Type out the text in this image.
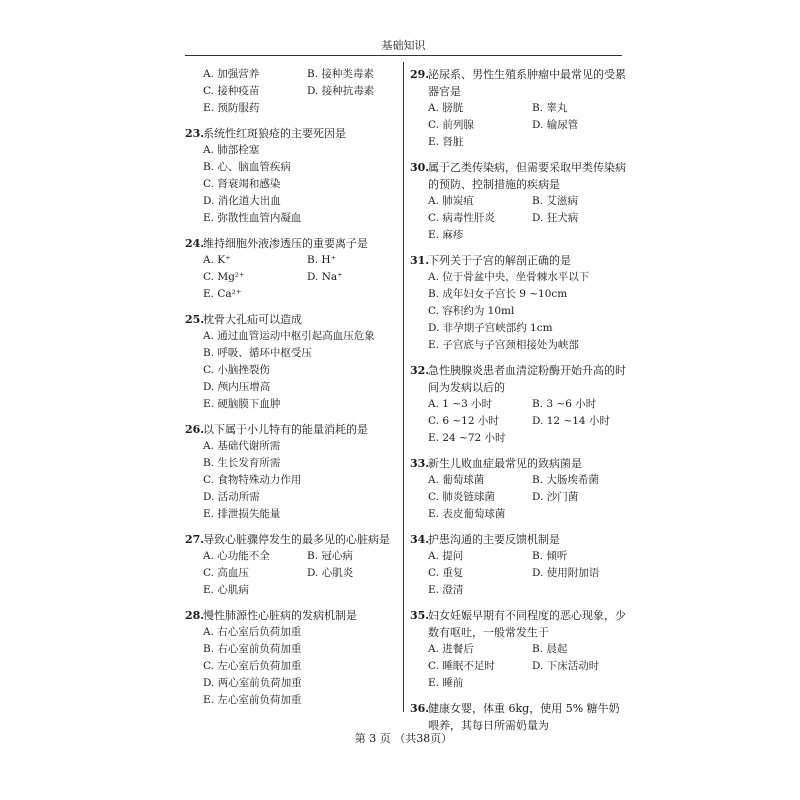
基础知识
A. 加强营养	B. 接种类毒素
C. 接种疫苗	D. 接种抗毒素
E. 预防服药
23.
系统性红斑狼疮的主要死因是
A. 肺部栓塞
B. 心、脑血管疾病
C. 肾衰竭和感染
D. 消化道大出血
E. 弥散性血管内凝血
24.
维持细胞外液渗透压的重要离子是
A. K⁺	B. H⁺
C. Mg²⁺	D. Na⁺
E. Ca²⁺
25.
枕骨大孔疝可以造成
A. 通过血管运动中枢引起高血压危象
B. 呼吸、循环中枢受压
C. 小脑挫裂伤
D. 颅内压增高
E. 硬脑膜下血肿
26.
以下属于小儿特有的能量消耗的是
A. 基础代谢所需
B. 生长发育所需
C. 食物特殊动力作用
D. 活动所需
E. 排泄损失能量
27.
导致心脏骤停发生的最多见的心脏病是
A. 心功能不全	B. 冠心病
C. 高血压	D. 心肌炎
E. 心肌病
28.
慢性肺源性心脏病的发病机制是
A. 右心室后负荷加重
B. 右心室前负荷加重
C. 左心室后负荷加重
D. 两心室前负荷加重
E. 左心室前负荷加重
29.
泌尿系、男性生殖系肿瘤中最常见的受累器官是
A. 膀胱	B. 睾丸
C. 前列腺	D. 输尿管
E. 肾脏
30.
属于乙类传染病，但需要采取甲类传染病的预防、控制措施的疾病是
A. 肺炭疽	B. 艾滋病
C. 病毒性肝炎	D. 狂犬病
E. 麻疹
31.
下列关于子宫的解剖正确的是
A. 位于骨盆中央，坐骨棘水平以下
B. 成年妇女子宫长 9 ~10cm
C. 容积约为 10ml
D. 非孕期子宫峡部约 1cm
E. 子宫底与子宫颈相接处为峡部
32.
急性胰腺炎患者血清淀粉酶开始升高的时间为发病以后的
A. 1 ~3 小时	B. 3 ~6 小时
C. 6 ~12 小时	D. 12 ~14 小时
E. 24 ~72 小时
33.
新生儿败血症最常见的致病菌是
A. 葡萄球菌	B. 大肠埃希菌
C. 肺炎链球菌	D. 沙门菌
E. 表皮葡萄球菌
34.
护患沟通的主要反馈机制是
A. 提问	B. 倾听
C. 重复	D. 使用附加语
E. 澄清
35.
妇女妊娠早期有不同程度的恶心现象，少数有呕吐，一般常发生于
A. 进餐后	B. 晨起
C. 睡眠不足时	D. 下床活动时
E. 睡前
36.
健康女婴，体重 6kg，使用 5% 糖牛奶喂养，其每日所需奶量为
第 3 页 （共38页）
